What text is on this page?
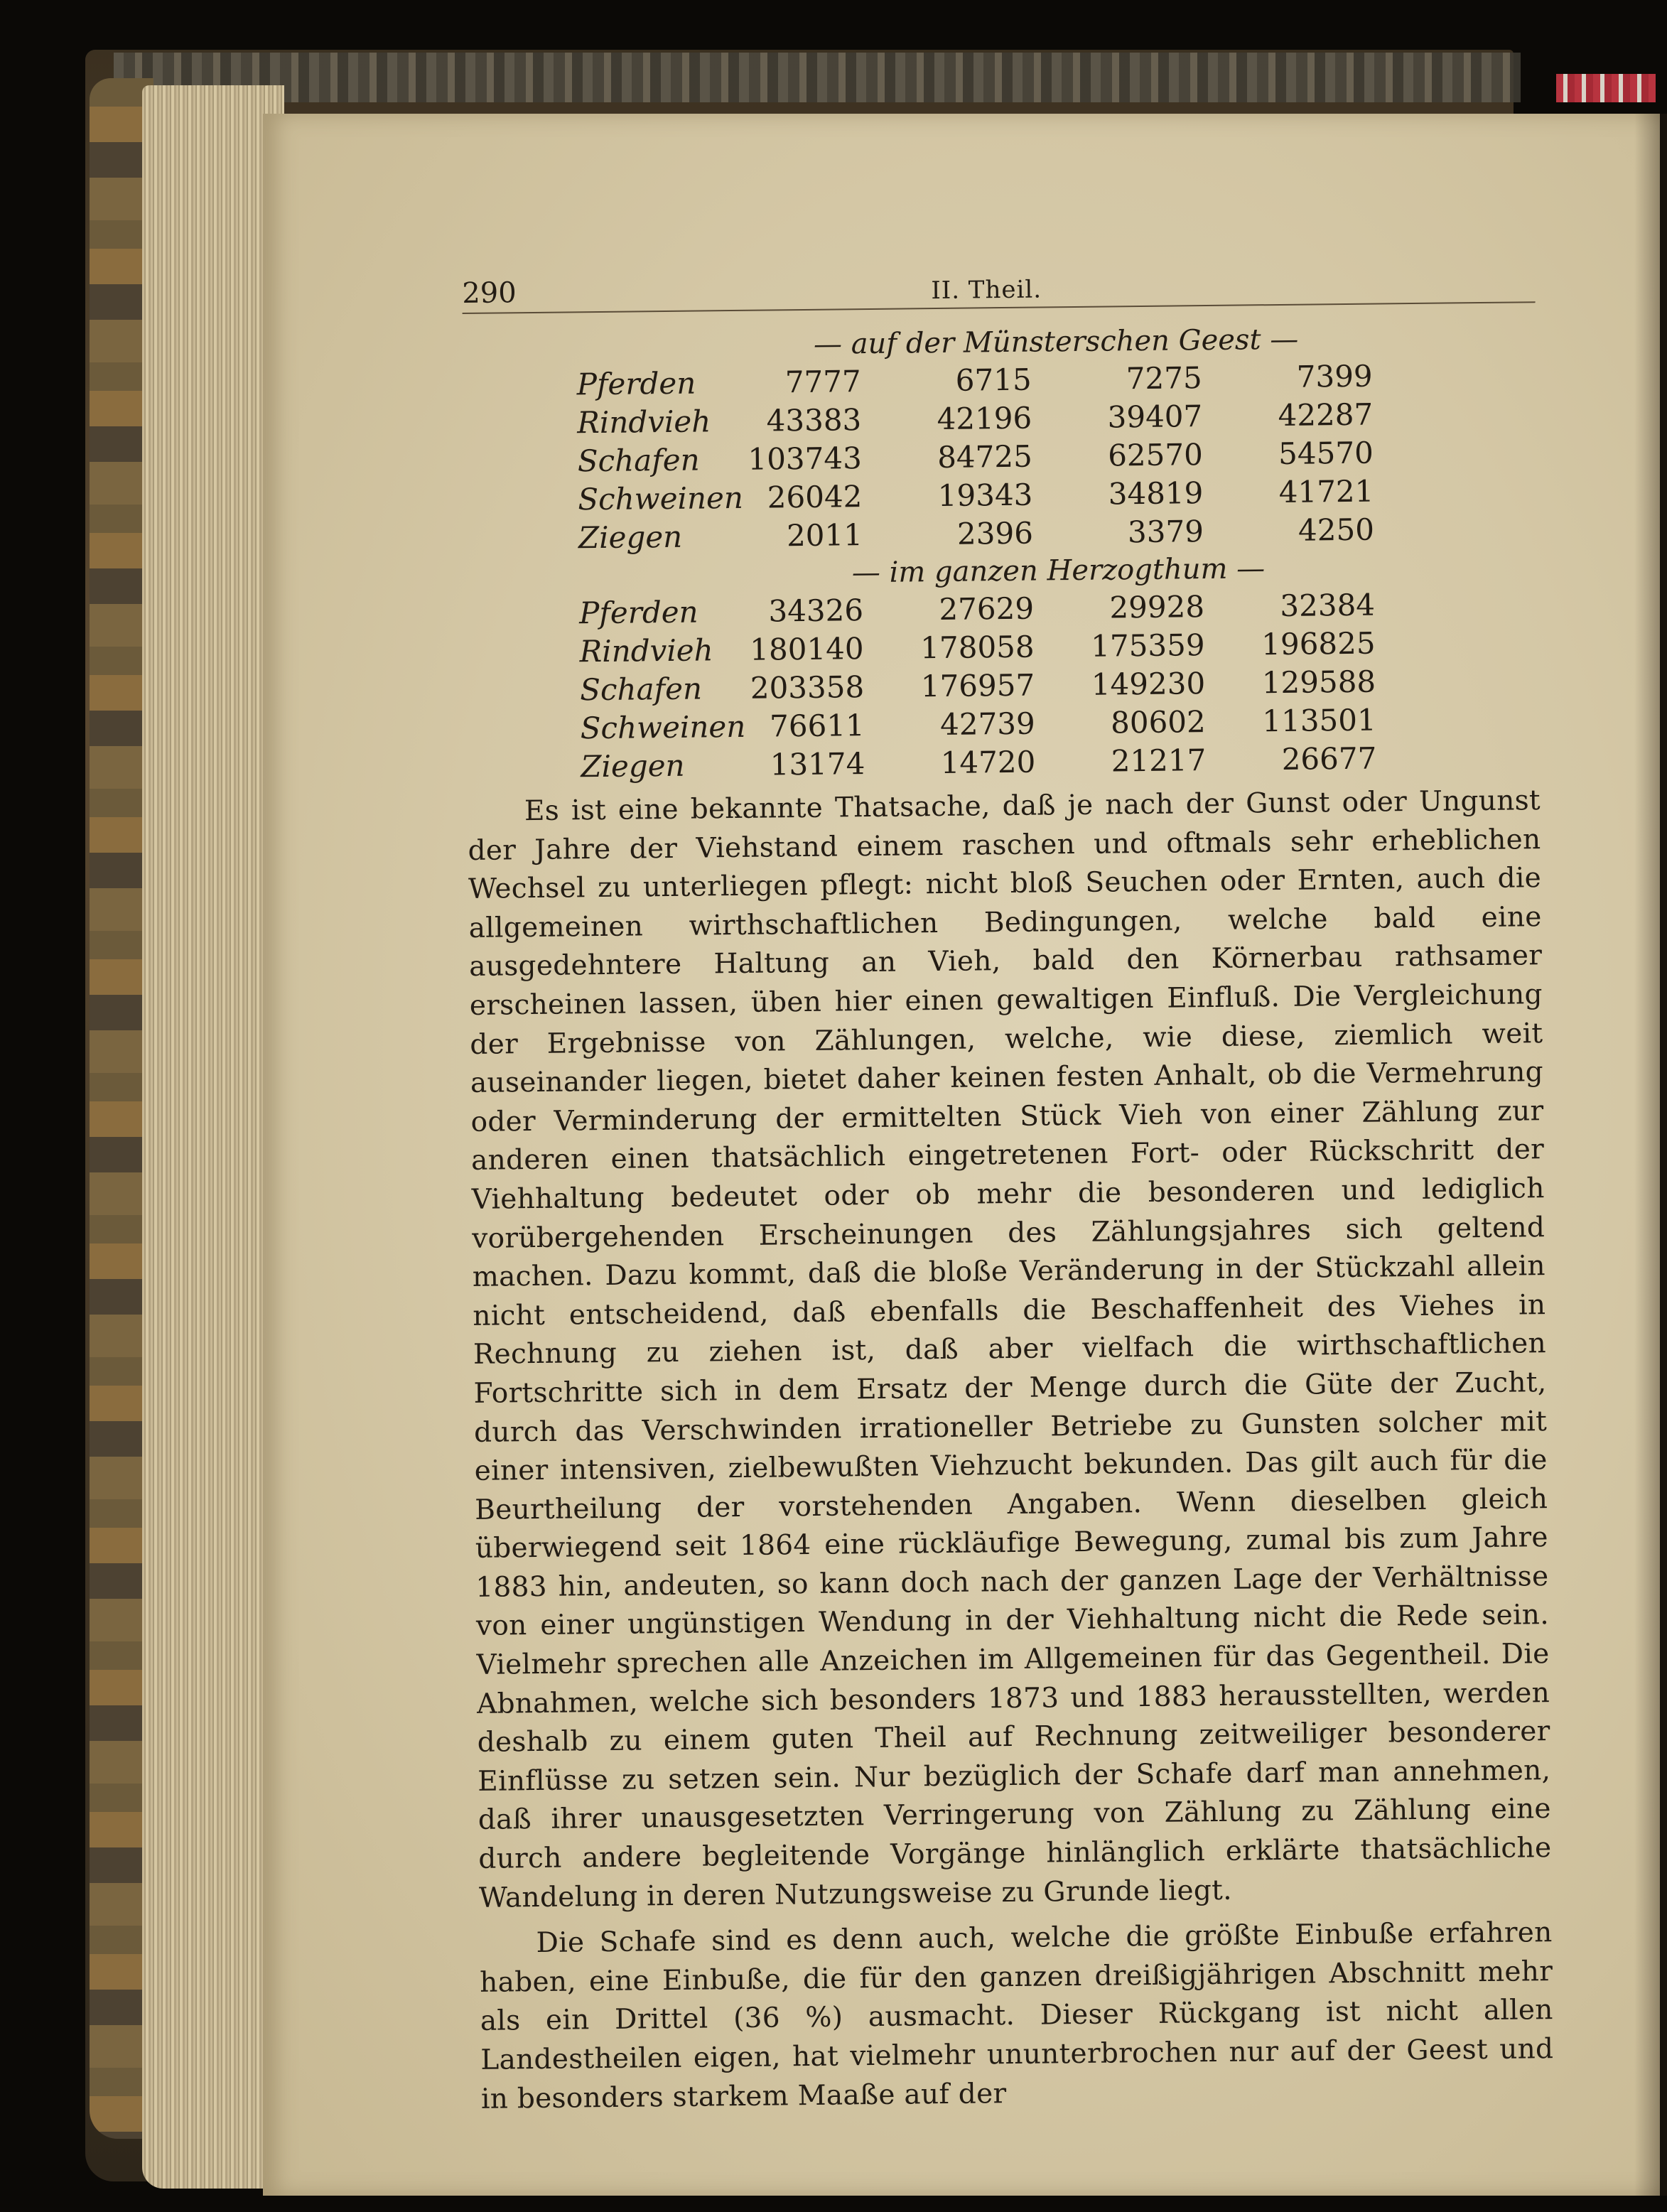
290	II. Theil.
— auf der Münsterschen Geest —
Pferden	7777	6715	7275	7399
Rindvieh	43383	42196	39407	42287
Schafen	103743	84725	62570	54570
Schweinen 26042	19343	34819	41721
Ziegen	2011	2396	3379	4250
— im ganzen Herzogthum —
Pferden	34326	27629	29928	32384
Rindvieh	180140	178058	175359	196825
Schafen	203358	176957	149230	129588
Schweinen 76611	42739	80602	113501
Ziegen	13174	14720	21217	26677

Es ist eine bekannte Thatsache, daß je nach der Gunst oder Ungunst der Jahre der Viehstand einem raschen und oftmals sehr erheblichen Wechsel zu unterliegen pflegt: nicht bloß Seuchen oder Ernten, auch die allgemeinen wirthschaftlichen Bedingungen, welche bald eine ausgedehntere Haltung an Vieh, bald den Körnerbau rathsamer erscheinen lassen, üben hier einen gewaltigen Einfluß. Die Vergleichung der Ergebnisse von Zählungen, welche, wie diese, ziemlich weit auseinander liegen, bietet daher keinen festen Anhalt, ob die Vermehrung oder Verminderung der ermittelten Stück Vieh von einer Zählung zur anderen einen thatsächlich eingetretenen Fort- oder Rückschritt der Viehhaltung bedeutet oder ob mehr die besonderen und lediglich vorübergehenden Erscheinungen des Zählungsjahres sich geltend machen. Dazu kommt, daß die bloße Veränderung in der Stückzahl allein nicht entscheidend, daß ebenfalls die Beschaffenheit des Viehes in Rechnung zu ziehen ist, daß aber vielfach die wirthschaftlichen Fortschritte sich in dem Ersatz der Menge durch die Güte der Zucht, durch das Verschwinden irrationeller Betriebe zu Gunsten solcher mit einer intensiven, zielbewußten Viehzucht bekunden. Das gilt auch für die Beurtheilung der vorstehenden Angaben. Wenn dieselben gleich überwiegend seit 1864 eine rückläufige Bewegung, zumal bis zum Jahre 1883 hin, andeuten, so kann doch nach der ganzen Lage der Verhältnisse von einer ungünstigen Wendung in der Viehhaltung nicht die Rede sein. Vielmehr sprechen alle Anzeichen im Allgemeinen für das Gegentheil. Die Abnahmen, welche sich besonders 1873 und 1883 herausstellten, werden deshalb zu einem guten Theil auf Rechnung zeitweiliger besonderer Einflüsse zu setzen sein. Nur bezüglich der Schafe darf man annehmen, daß ihrer unausgesetzten Verringerung von Zählung zu Zählung eine durch andere begleitende Vorgänge hinlänglich erklärte thatsächliche Wandelung in deren Nutzungsweise zu Grunde liegt.

Die Schafe sind es denn auch, welche die größte Einbuße erfahren haben, eine Einbuße, die für den ganzen dreißigjährigen Abschnitt mehr als ein Drittel (36 %) ausmacht. Dieser Rückgang ist nicht allen Landestheilen eigen, hat vielmehr ununterbrochen nur auf der Geest und in besonders starkem Maaße auf der
